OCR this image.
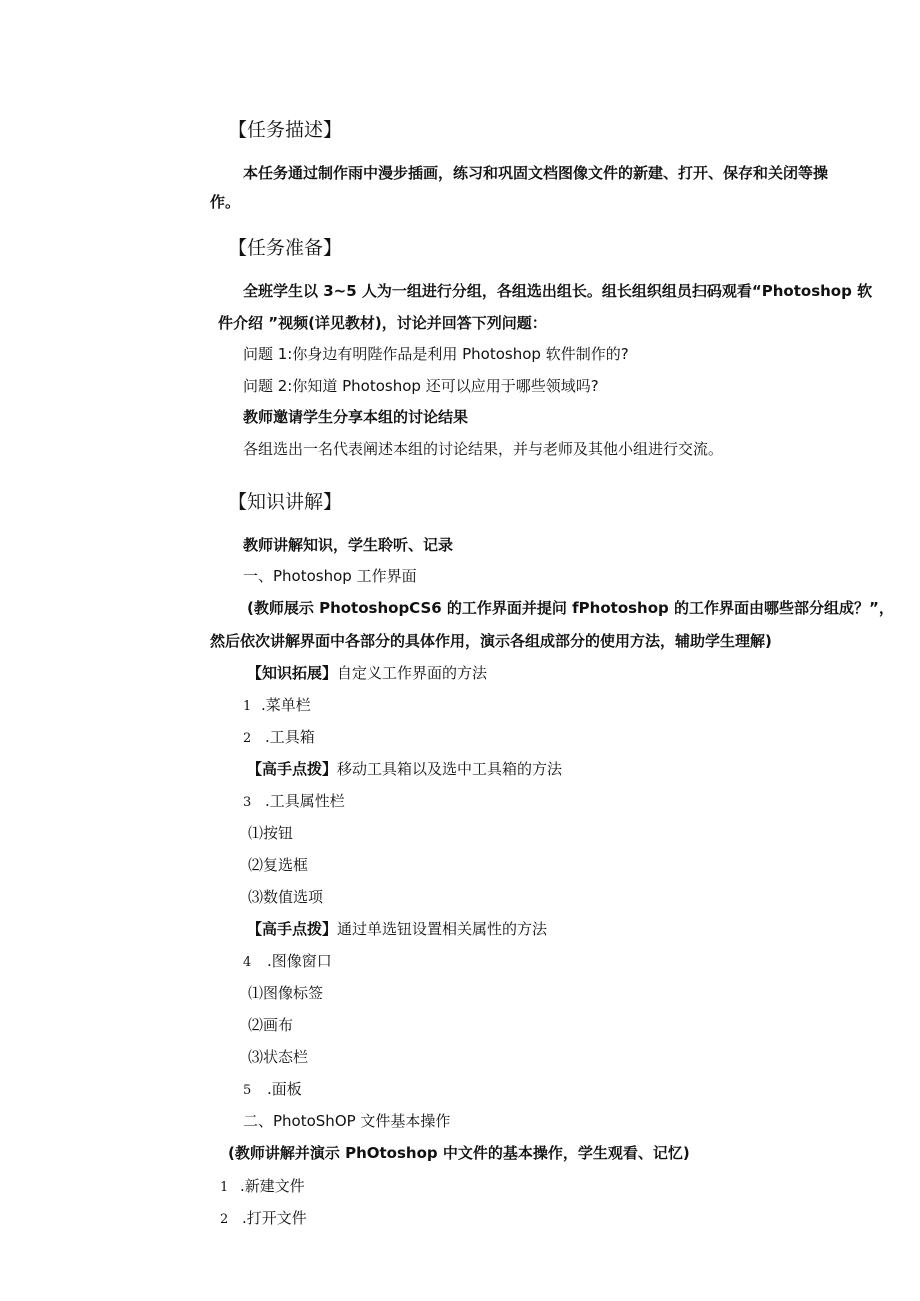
【任务描述】
本任务通过制作雨中漫步插画，练习和巩固文档图像文件的新建、打开、保存和关闭等操
作。
【任务准备】
全班学生以 3~5 人为一组进行分组，各组选出组长。组长组织组员扫码观看“Photoshop 软
件介绍 ”视频(详见教材)，讨论并回答下列问题：
问题 1:你身边有明陛作品是利用 Photoshop 软件制作的?
问题 2:你知道 Photoshop 还可以应用于哪些领域吗?
教师邀请学生分享本组的讨论结果
各组选出一名代表阐述本组的讨论结果，并与老师及其他小组进行交流。
【知识讲解】
教师讲解知识，学生聆听、记录
一、Photoshop 工作界面
(教师展示 PhotoshopCS6 的工作界面并提问 fPhotoshop 的工作界面由哪些部分组成？”，
然后依次讲解界面中各部分的具体作用，演示各组成部分的使用方法，辅助学生理解)
【知识拓展】自定义工作界面的方法
1 .菜单栏
2 .工具箱
【高手点拨】移动工具箱以及选中工具箱的方法
3 .工具属性栏
⑴按钮
⑵复选框
⑶数值选项
【高手点拨】通过单选钮设置相关属性的方法
4 .图像窗口
⑴图像标签
⑵画布
⑶状态栏
5 .面板
二、PhotoShOP 文件基本操作
(教师讲解并演示 PhOtoshop 中文件的基本操作，学生观看、记忆)
1 .新建文件
2 .打开文件
